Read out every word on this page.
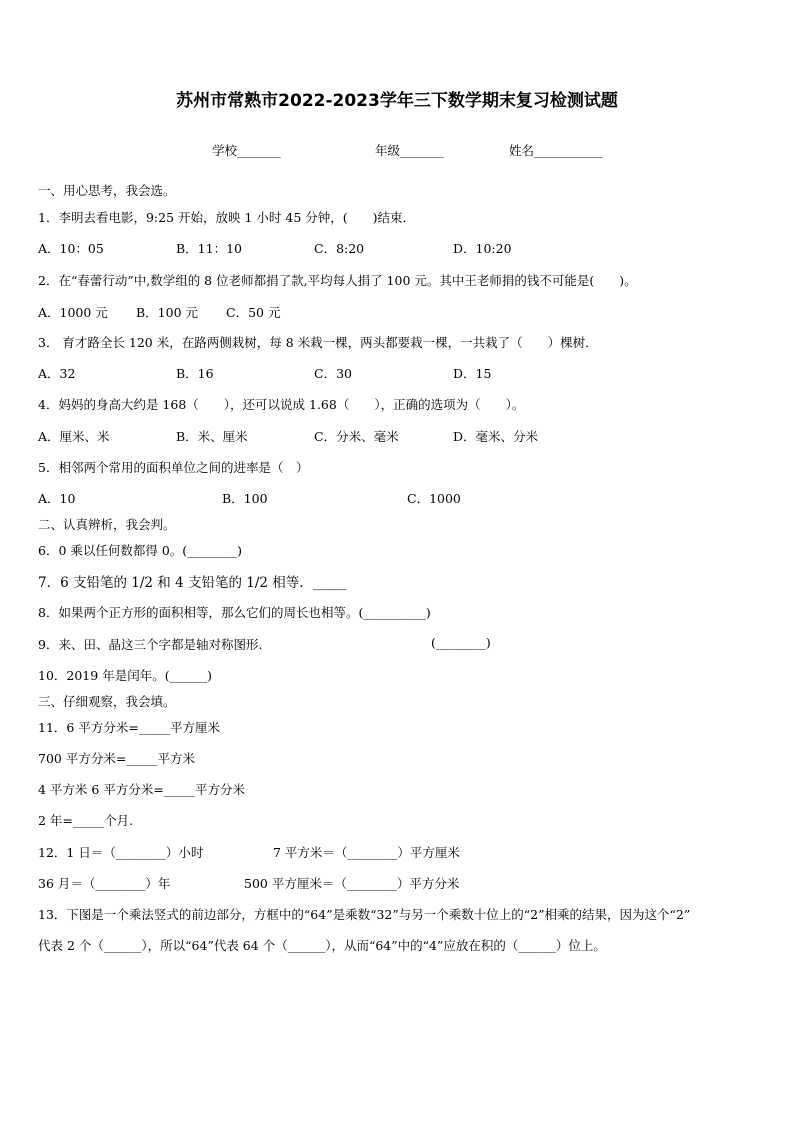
苏州市常熟市2022-2023学年三下数学期末复习检测试题
学校_______	年级_______	姓名___________
一、用心思考，我会选。
1．李明去看电影，9:25 开始，放映 1 小时 45 分钟，(　　)结束．
A．10：05	B．11：10	C．8:20	D．10:20
2．在“春蕾行动”中,数学组的 8 位老师都捐了款,平均每人捐了 100 元。其中王老师捐的钱不可能是(　　)。
A．1000 元 B．100 元 C．50 元
3． 育才路全长 120 米，在路两侧栽树，每 8 米栽一棵，两头都要栽一棵，一共栽了（　　）棵树．
A．32	B．16	C．30	D．15
4．妈妈的身高大约是 168（　　），还可以说成 1.68（　　），正确的选项为（　　）。
A．厘米、米	B．米、厘米	C．分米、毫米	D．毫米、分米
5．相邻两个常用的面积单位之间的进率是（　）
A．10	B．100	C．1000
二、认真辨析，我会判。
6．0 乘以任何数都得 0。(________)
7．6 支铅笔的 1/2 和 4 支铅笔的 1/2 相等．_____
8．如果两个正方形的面积相等，那么它们的周长也相等。(__________)
9．来、田、晶这三个字都是轴对称图形.	(________)
10．2019 年是闰年。(______)
三、仔细观察，我会填。
11．6 平方分米=_____平方厘米
700 平方分米=_____平方米
4 平方米 6 平方分米=_____平方分米
2 年=_____个月.
12．1 日＝（________）小时	7 平方米＝（________）平方厘米
36 月＝（________）年	500 平方厘米＝（________）平方分米
13．下图是一个乘法竖式的前边部分，方框中的“64”是乘数“32”与另一个乘数十位上的“2”相乘的结果，因为这个“2”
代表 2 个（______），所以“64”代表 64 个（______），从而“64”中的“4”应放在积的（______）位上。
